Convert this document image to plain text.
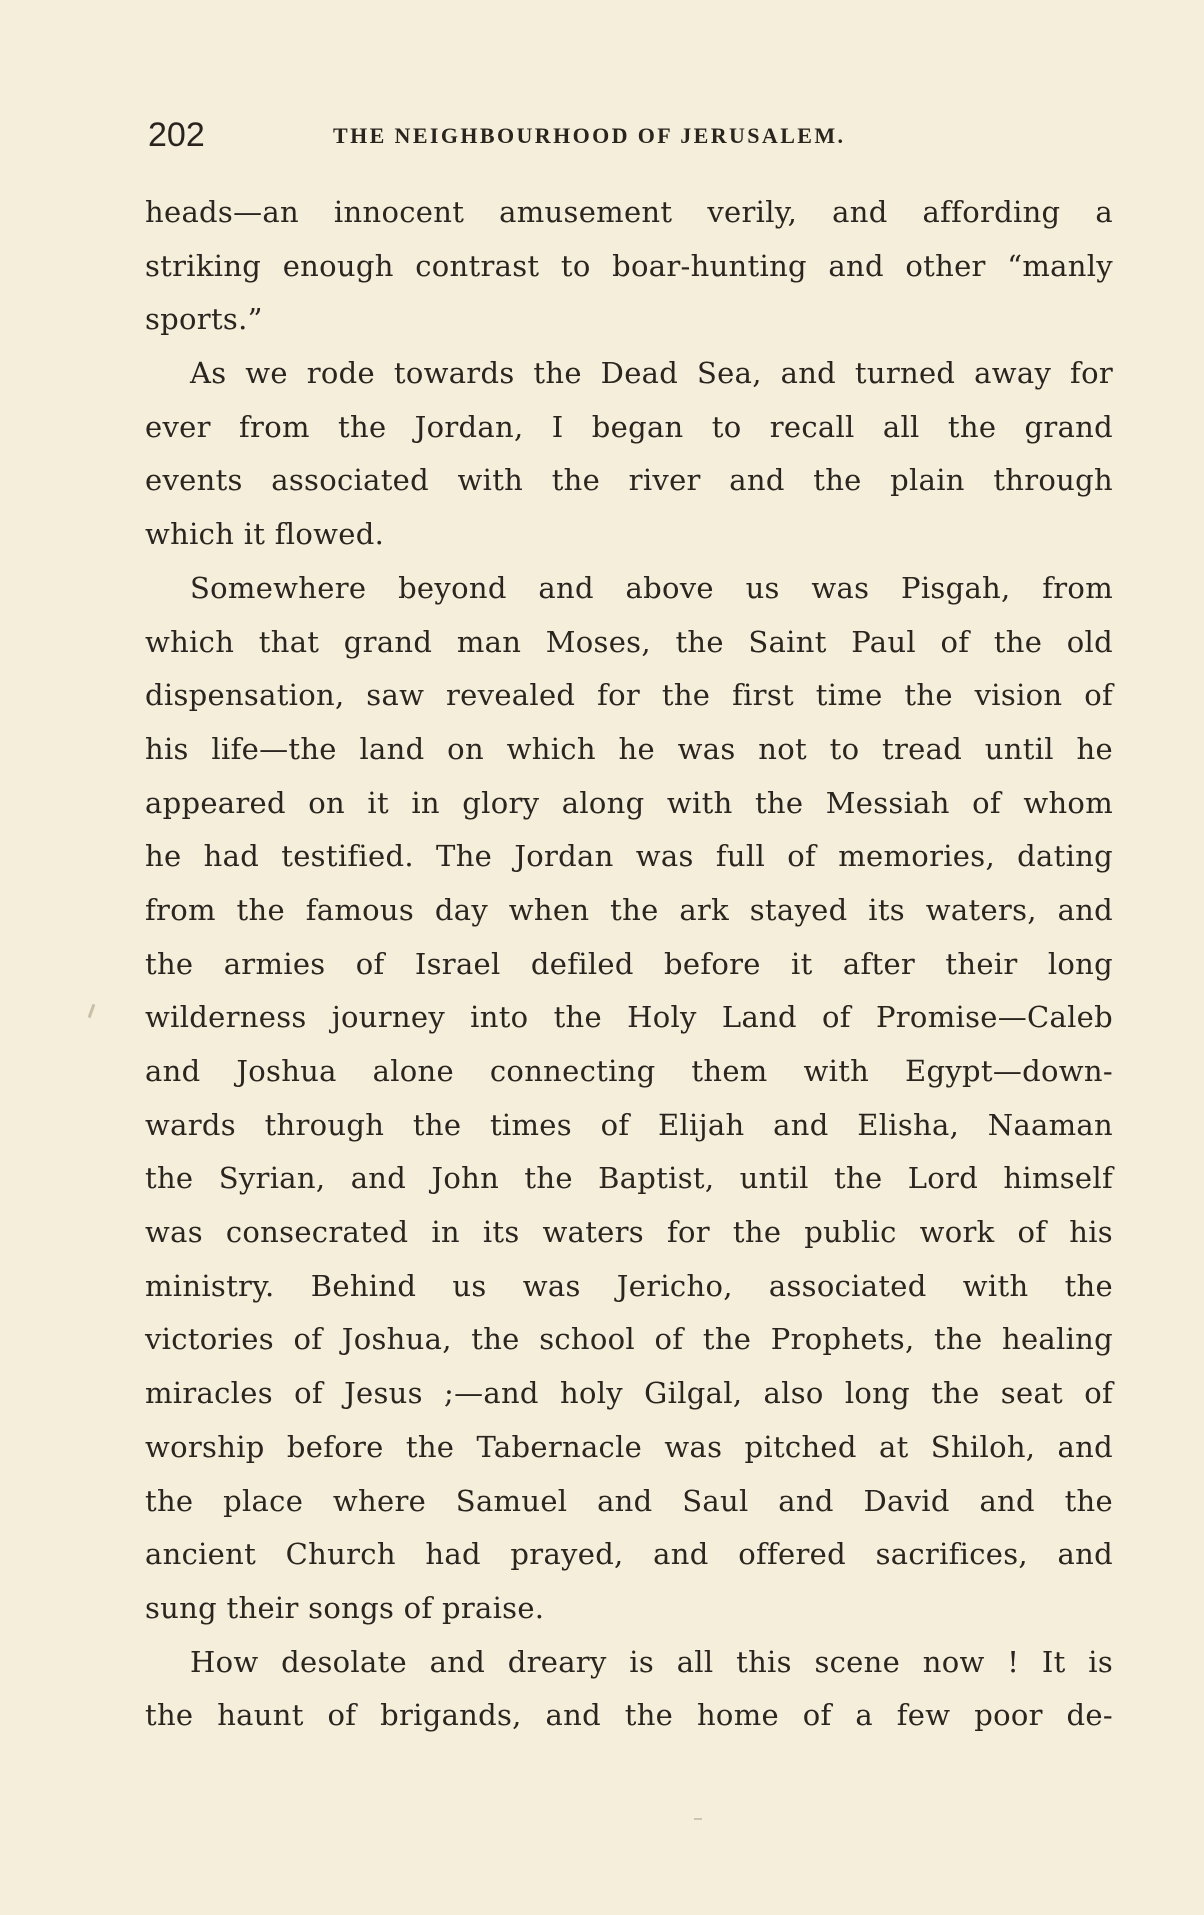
202	THE NEIGHBOURHOOD OF JERUSALEM.
heads—an innocent amusement verily, and affording a
striking enough contrast to boar-hunting and other “manly
sports.”
As we rode towards the Dead Sea, and turned away for
ever from the Jordan, I began to recall all the grand
events associated with the river and the plain through
which it flowed.
Somewhere beyond and above us was Pisgah, from
which that grand man Moses, the Saint Paul of the old
dispensation, saw revealed for the first time the vision of
his life—the land on which he was not to tread until he
appeared on it in glory along with the Messiah of whom
he had testified. The Jordan was full of memories, dating
from the famous day when the ark stayed its waters, and
the armies of Israel defiled before it after their long
wilderness journey into the Holy Land of Promise—Caleb
and Joshua alone connecting them with Egypt—down-
wards through the times of Elijah and Elisha, Naaman
the Syrian, and John the Baptist, until the Lord himself
was consecrated in its waters for the public work of his
ministry. Behind us was Jericho, associated with the
victories of Joshua, the school of the Prophets, the healing
miracles of Jesus ;—and holy Gilgal, also long the seat of
worship before the Tabernacle was pitched at Shiloh, and
the place where Samuel and Saul and David and the
ancient Church had prayed, and offered sacrifices, and
sung their songs of praise.
How desolate and dreary is all this scene now ! It is
the haunt of brigands, and the home of a few poor de-
